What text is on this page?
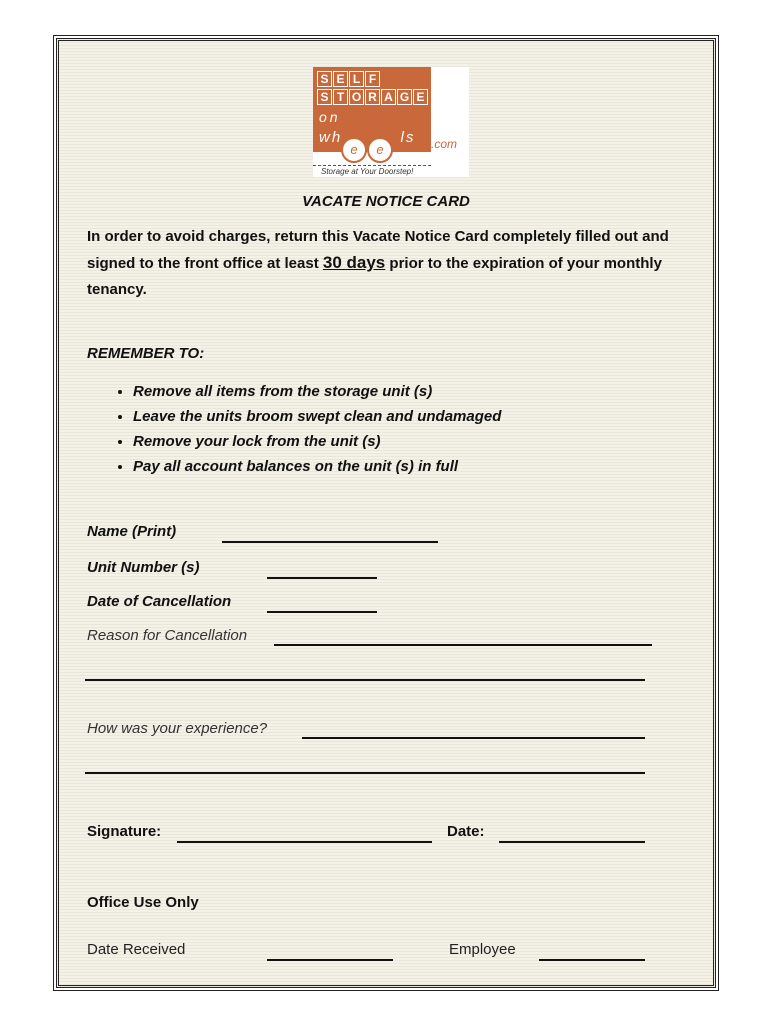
S E L F
S T O R A G E
on
wh	ls
e	e	.com
Storage at Your Doorstep!
VACATE NOTICE CARD
In order to avoid charges, return this Vacate Notice Card completely filled out and signed to the front office at least 30 days prior to the expiration of your monthly tenancy.
REMEMBER TO:
• Remove all items from the storage unit (s)
• Leave the units broom swept clean and undamaged
• Remove your lock from the unit (s)
• Pay all account balances on the unit (s) in full
Name (Print)
Unit Number (s)
Date of Cancellation
Reason for Cancellation
How was your experience?
Signature:	Date:
Office Use Only
Date Received	Employee
